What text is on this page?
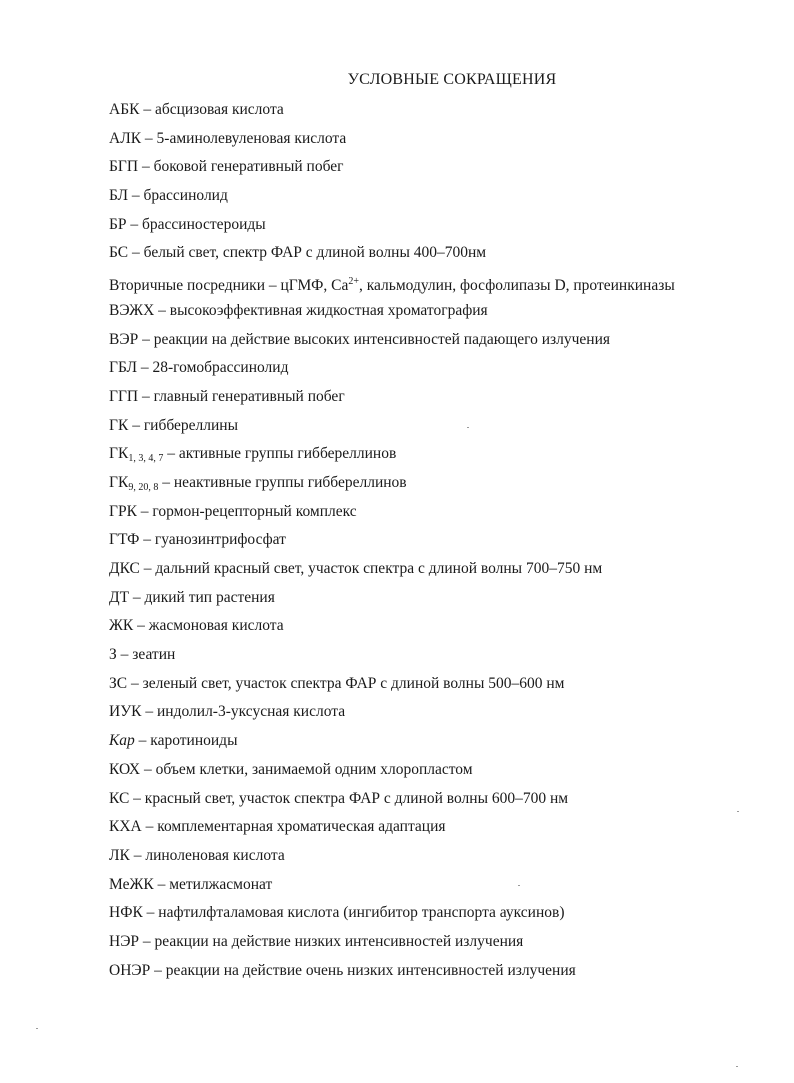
УСЛОВНЫЕ СОКРАЩЕНИЯ
АБК – абсцизовая кислота
АЛК – 5-аминолевуленовая кислота
БГП – боковой генеративный побег
БЛ – брассинолид
БР – брассиностероиды
БС – белый свет, спектр ФАР с длиной волны 400–700нм
Вторичные посредники – цГМФ, $Ca^{2+}$, кальмодулин, фосфолипазы D, протеинкиназы
ВЭЖХ – высокоэффективная жидкостная хроматография
ВЭР – реакции на действие высоких интенсивностей падающего излучения
ГБЛ – 28-гомобрассинолид
ГГП – главный генеративный побег
ГК – гиббереллины
$ГК_{1, 3, 4, 7}$ – активные группы гиббереллинов
$ГК_{9, 20, 8}$ – неактивные группы гиббереллинов
ГРК – гормон-рецепторный комплекс
ГТФ – гуанозинтрифосфат
ДКС – дальний красный свет, участок спектра с длиной волны 700–750 нм
ДТ – дикий тип растения
ЖК – жасмоновая кислота
З – зеатин
ЗС – зеленый свет, участок спектра ФАР с длиной волны 500–600 нм
ИУК – индолил-3-уксусная кислота
Кар – каротиноиды
КОХ – объем клетки, занимаемой одним хлоропластом
КС – красный свет, участок спектра ФАР с длиной волны 600–700 нм
КХА – комплементарная хроматическая адаптация
ЛК – линоленовая кислота
МеЖК – метилжасмонат
НФК – нафтилфталамовая кислота (ингибитор транспорта ауксинов)
НЭР – реакции на действие низких интенсивностей излучения
ОНЭР – реакции на действие очень низких интенсивностей излучения
